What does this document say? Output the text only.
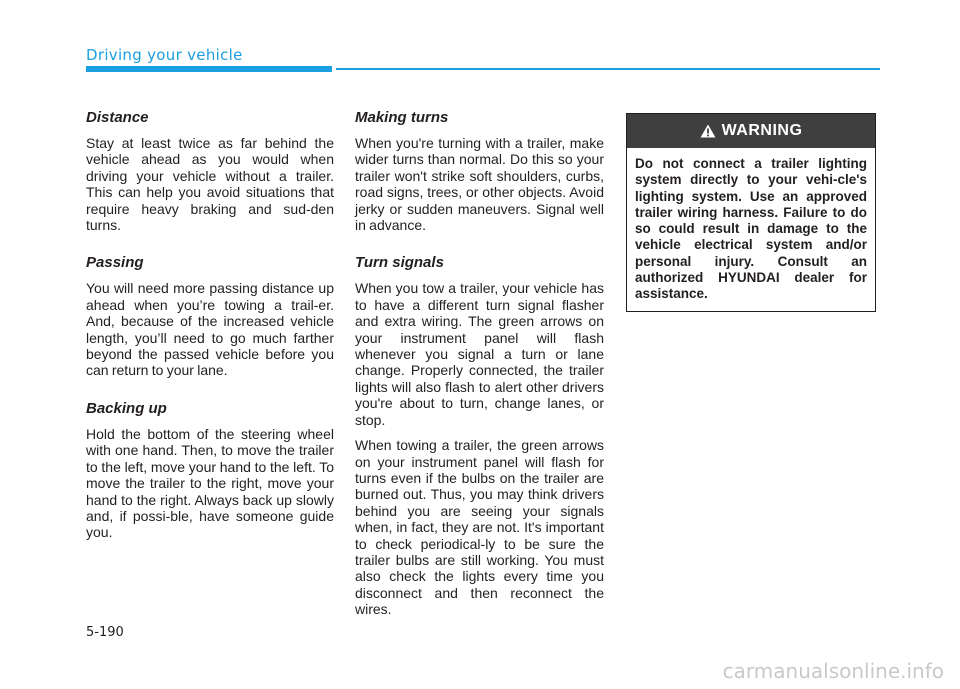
Driving your vehicle
Distance

Stay at least twice as far behind the vehicle ahead as you would when driving your vehicle without a trailer. This can help you avoid situations that require heavy braking and sud-den turns.

Passing

You will need more passing distance up ahead when you’re towing a trail-er. And, because of the increased vehicle length, you’ll need to go much farther beyond the passed vehicle before you can return to your lane.

Backing up

Hold the bottom of the steering wheel with one hand. Then, to move the trailer to the left, move your hand to the left. To move the trailer to the right, move your hand to the right. Always back up slowly and, if possi-ble, have someone guide you.

Making turns

When you're turning with a trailer, make wider turns than normal. Do this so your trailer won't strike soft shoulders, curbs, road signs, trees, or other objects. Avoid jerky or sudden maneuvers. Signal well in advance.

Turn signals

When you tow a trailer, your vehicle has to have a different turn signal flasher and extra wiring. The green arrows on your instrument panel will flash whenever you signal a turn or lane change. Properly connected, the trailer lights will also flash to alert other drivers you're about to turn, change lanes, or stop.

When towing a trailer, the green arrows on your instrument panel will flash for turns even if the bulbs on the trailer are burned out. Thus, you may think drivers behind you are seeing your signals when, in fact, they are not. It's important to check periodical-ly to be sure the trailer bulbs are still working. You must also check the lights every time you disconnect and then reconnect the wires.

WARNING
Do not connect a trailer lighting system directly to your vehi-cle's lighting system. Use an approved trailer wiring harness. Failure to do so could result in damage to the vehicle electrical system and/or personal injury. Consult an authorized HYUNDAI dealer for assistance.
5-190
carmanualsonline.info
